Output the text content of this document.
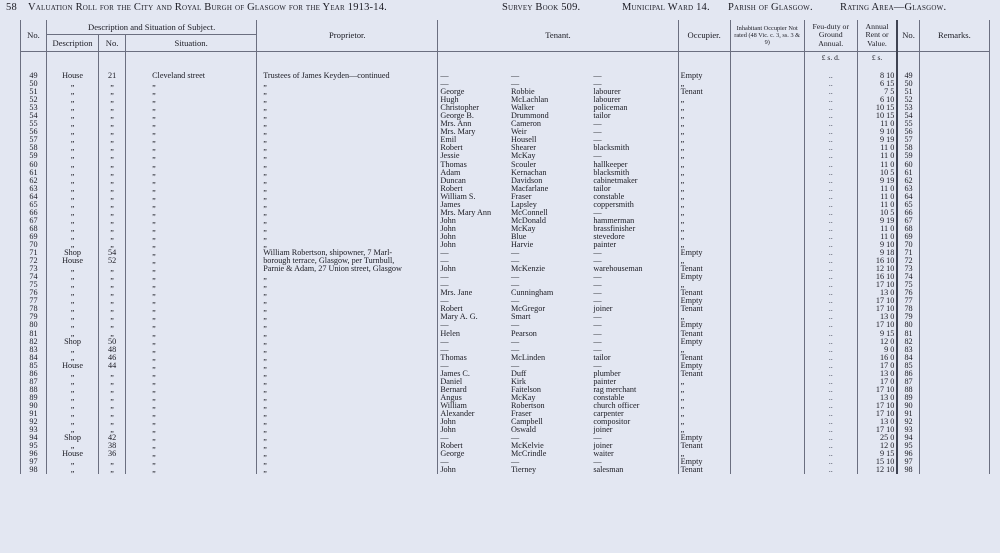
58 Valuation Roll for the City and Royal Burgh of Glasgow for the Year 1913-14.	Survey Book 509.	Municipal Ward 14. Parish of Glasgow.	Rating Area—Glasgow.
No.	Description and Situation of Subject.			Proprietor.	Tenant.	Occupier.	Inhabitant Occupier Not rated (48 Vic. c. 3, ss. 3 & 9)	Feu-duty or Ground Annual.	Annual Rent or Value.	No.	Remarks.
	Description	No.	Situation.								
								£ s. d.	£ s.		

49	House	21	Cleveland street	Trustees of James Keyden—continued	— — —	Empty		..	8 10	49	
50	„	„	„	„	— — —	„		..	6 15	50	
51	„	„	„	„	George Robbie labourer	Tenant		..	7 5	51	
52	„	„	„	„	Hugh McLachlan labourer	„		..	6 10	52	
53	„	„	„	„	Christopher Walker policeman	„		..	10 15	53	
54	„	„	„	„	George B. Drummond tailor	„		..	10 15	54	
55	„	„	„	„	Mrs. Ann Cameron —	„		..	11 0	55	
56	„	„	„	„	Mrs. Mary Weir —	„		..	9 10	56	
57	„	„	„	„	Emil Housell —	„		..	9 19	57	
58	„	„	„	„	Robert Shearer blacksmith	„		..	11 0	58	
59	„	„	„	„	Jessie McKay —	„		..	11 0	59	
60	„	„	„	„	Thomas Scouler hallkeeper	„		..	11 0	60	
61	„	„	„	„	Adam Kernachan blacksmith	„		..	10 5	61	
62	„	„	„	„	Duncan Davidson cabinetmaker	„		..	9 19	62	
63	„	„	„	„	Robert Macfarlane tailor	„		..	11 0	63	
64	„	„	„	„	William S. Fraser constable	„		..	11 0	64	
65	„	„	„	„	James Lapsley coppersmith	„		..	11 0	65	
66	„	„	„	„	Mrs. Mary Ann McConnell —	„		..	10 5	66	
67	„	„	„	„	John McDonald hammerman	„		..	9 19	67	
68	„	„	„	„	John McKay brassfinisher	„		..	11 0	68	
69	„	„	„	„	John Blue stevedore	„		..	11 0	69	
70	„	„	„	„	John Harvie painter	„		..	9 10	70	
71	Shop	54	„	William Robertson, shipowner, 7 Marl-	— — —	Empty		..	9 18	71	
72	House	52	„	borough terrace, Glasgow, per Turnbull,	— — —	„		..	16 10	72	
73	„	„	„	Parnie & Adam, 27 Union street, Glasgow	John McKenzie warehouseman	Tenant		..	12 10	73	
74	„	„	„	„	— — —	Empty		..	16 10	74	
75	„	„	„	„	— — —	„		..	17 10	75	
76	„	„	„	„	Mrs. Jane Cunningham —	Tenant		..	13 0	76	
77	„	„	„	„	— — —	Empty		..	17 10	77	
78	„	„	„	„	Robert McGregor joiner	Tenant		..	17 10	78	
79	„	„	„	„	Mary A. G. Smart —	„		..	13 0	79	
80	„	„	„	„	— — —	Empty		..	17 10	80	
81	„	„	„	„	Helen Pearson —	Tenant		..	9 15	81	
82	Shop	50	„	„	— — —	Empty		..	12 0	82	
83	„	48	„	„	— — —	„		..	9 0	83	
84	„	46	„	„	Thomas McLinden tailor	Tenant		..	16 0	84	
85	House	44	„	„	— — —	Empty		..	17 0	85	
86	„	„	„	„	James C. Duff plumber	Tenant		..	13 0	86	
87	„	„	„	„	Daniel Kirk painter	„		..	17 0	87	
88	„	„	„	„	Bernard Faitelson rag merchant	„		..	17 10	88	
89	„	„	„	„	Angus McKay constable	„		..	13 0	89	
90	„	„	„	„	William Robertson church officer	„		..	17 10	90	
91	„	„	„	„	Alexander Fraser carpenter	„		..	17 10	91	
92	„	„	„	„	John Campbell compositor	„		..	13 0	92	
93	„	„	„	„	John Oswald joiner	„		..	17 10	93	
94	Shop	42	„	„	— — —	Empty		..	25 0	94	
95	„	38	„	„	Robert McKelvie joiner	Tenant		..	12 0	95	
96	House	36	„	„	George McCrindle waiter	„		..	9 15	96	
97	„	„	„	„	— — —	Empty		..	15 10	97	
98	„	„	„	„	John Tierney salesman	Tenant		..	12 10	98	
